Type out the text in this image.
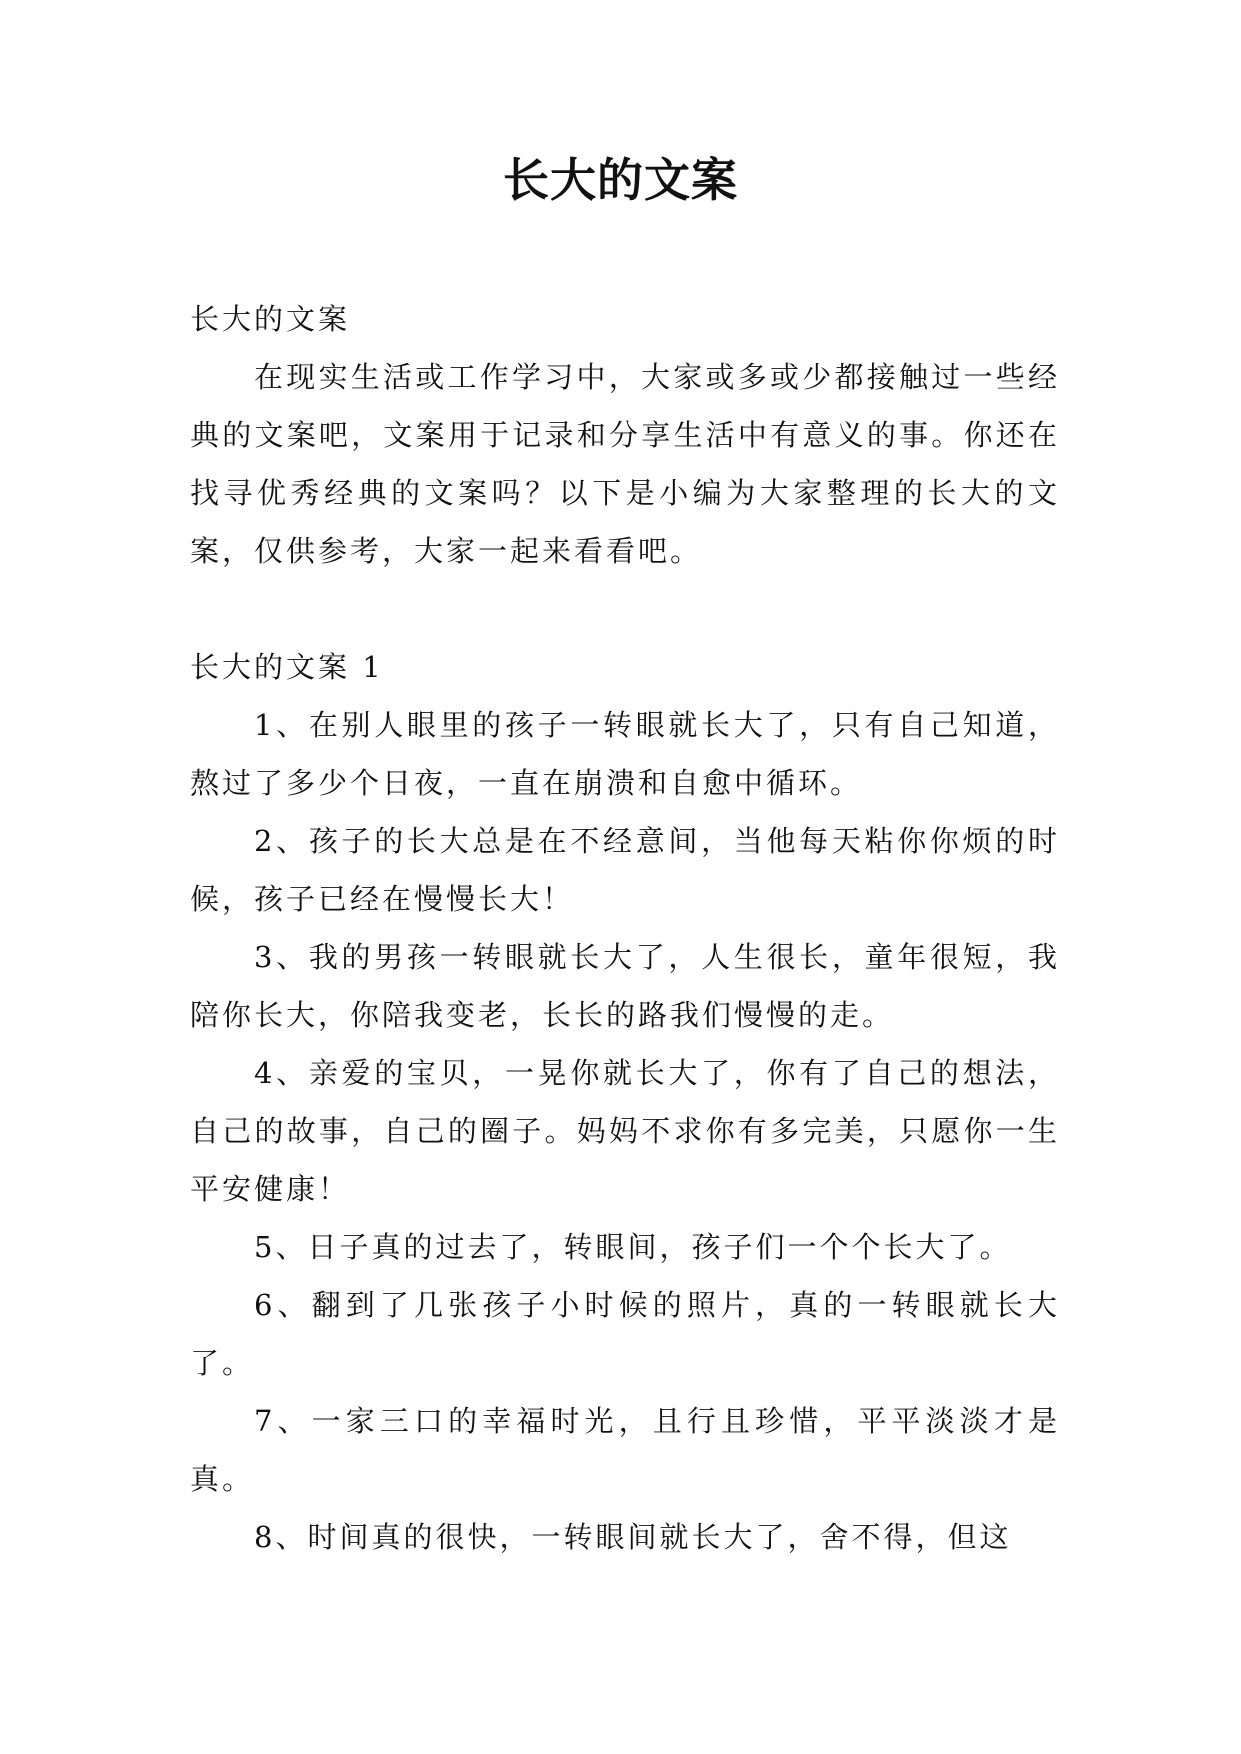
长大的文案

长大的文案

在现实生活或工作学习中，大家或多或少都接触过一些经典的文案吧，文案用于记录和分享生活中有意义的事。你还在找寻优秀经典的文案吗？以下是小编为大家整理的长大的文案，仅供参考，大家一起来看看吧。

长大的文案 1

1、在别人眼里的孩子一转眼就长大了，只有自己知道，熬过了多少个日夜，一直在崩溃和自愈中循环。

2、孩子的长大总是在不经意间，当他每天粘你你烦的时候，孩子已经在慢慢长大！

3、我的男孩一转眼就长大了，人生很长，童年很短，我陪你长大，你陪我变老，长长的路我们慢慢的走。

4、亲爱的宝贝，一晃你就长大了，你有了自己的想法，自己的故事，自己的圈子。妈妈不求你有多完美，只愿你一生平安健康！

5、日子真的过去了，转眼间，孩子们一个个长大了。

6、翻到了几张孩子小时候的照片，真的一转眼就长大了。

7、一家三口的幸福时光，且行且珍惜，平平淡淡才是真。

8、时间真的很快，一转眼间就长大了，舍不得，但这
